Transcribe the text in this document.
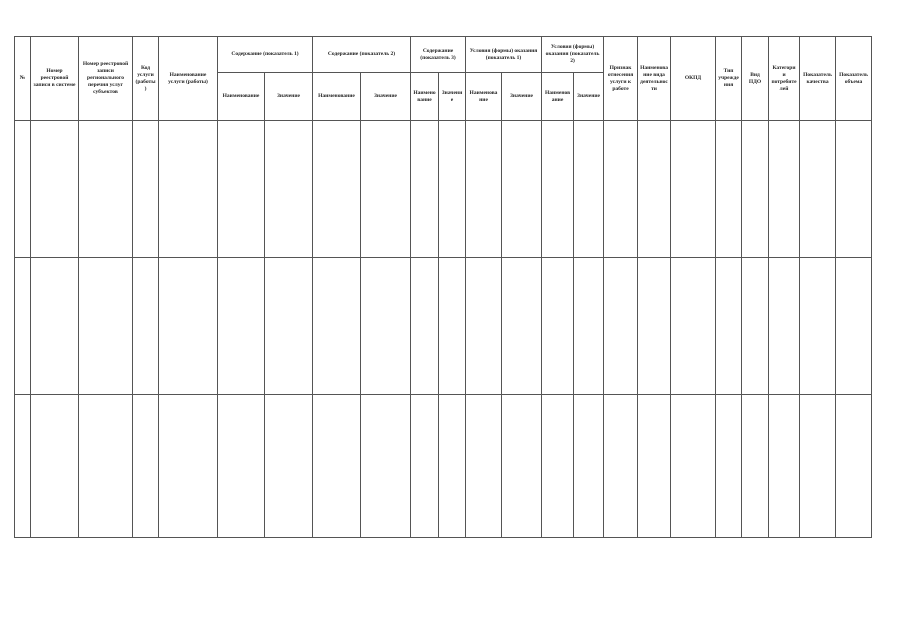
№	Номер реестровой записи в системе	Номер реестровой записи регионального перечня услуг субъектов	Код услуги (работы)	Наименование услуги (работы)	Содержание (показатель 1)		Содержание (показатель 2)		Содержание (показатель 3)		Условия (формы) оказания (показатель 1)		Условия (формы) оказания (показатель 2)		Признак отнесения услуги к работе	Наименование вида деятельности	ОКПД	Тип учреждения	Вид ПДО	Категории потребителей	Показатель качества	Показатель объема
					Наименование	Значение	Наименование	Значение	Наименование	Значение	Наименование	Значение	Наименование	Значение								
